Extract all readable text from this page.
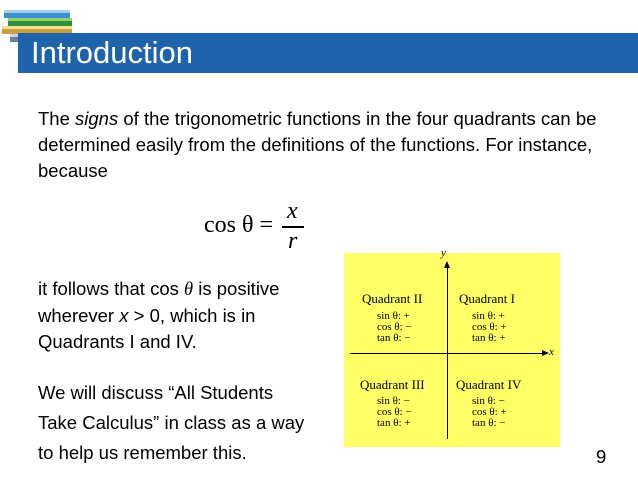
Introduction
The signs of the trigonometric functions in the four quadrants can be determined easily from the definitions of the functions. For instance, because
cos θ =
x
r
it follows that cos θ is positive wherever x > 0, which is in Quadrants I and IV.
We will discuss “All Students
Take Calculus” in class as a way
to help us remember this.
y
x
Quadrant II
sin θ: +
cos θ: −
tan θ: −
Quadrant I
sin θ: +
cos θ: +
tan θ: +
Quadrant III
sin θ: −
cos θ: −
tan θ: +
Quadrant IV
sin θ: −
cos θ: +
tan θ: −
9
